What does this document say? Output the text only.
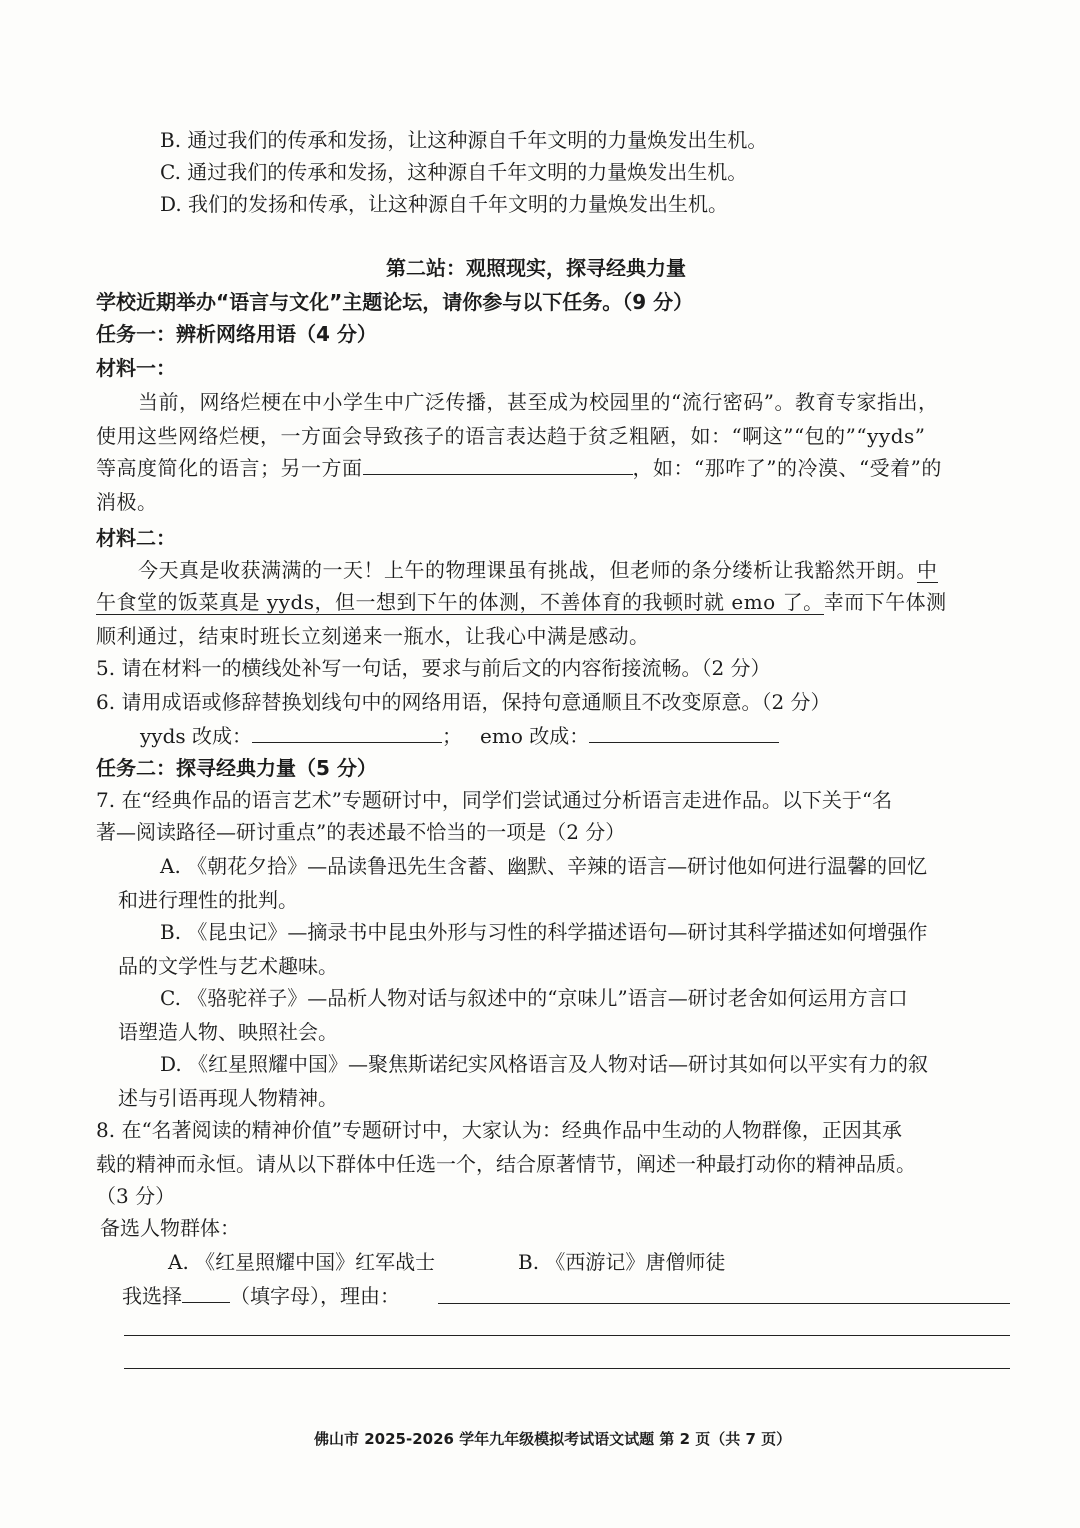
B. 通过我们的传承和发扬，让这种源自千年文明的力量焕发出生机。
C. 通过我们的传承和发扬，这种源自千年文明的力量焕发出生机。
D. 我们的发扬和传承，让这种源自千年文明的力量焕发出生机。
第二站：观照现实，探寻经典力量
学校近期举办“语言与文化”主题论坛，请你参与以下任务。（9 分）
任务一：辨析网络用语（4 分）
材料一：
当前，网络烂梗在中小学生中广泛传播，甚至成为校园里的“流行密码”。教育专家指出，
使用这些网络烂梗，一方面会导致孩子的语言表达趋于贫乏粗陋，如：“啊这”“包的”“yyds”
等高度简化的语言；另一方面	，如：“那咋了”的冷漠、“受着”的
消极。
材料二：
今天真是收获满满的一天！上午的物理课虽有挑战，但老师的条分缕析让我豁然开朗。中
午食堂的饭菜真是 yyds，但一想到下午的体测，不善体育的我顿时就 emo 了。幸而下午体测
顺利通过，结束时班长立刻递来一瓶水，让我心中满是感动。
5. 请在材料一的横线处补写一句话，要求与前后文的内容衔接流畅。（2 分）
6. 请用成语或修辞替换划线句中的网络用语，保持句意通顺且不改变原意。（2 分）
yyds 改成：	； emo 改成：
任务二：探寻经典力量（5 分）
7. 在“经典作品的语言艺术”专题研讨中，同学们尝试通过分析语言走进作品。以下关于“名
著—阅读路径—研讨重点”的表述最不恰当的一项是（2 分）
A. 《朝花夕拾》—品读鲁迅先生含蓄、幽默、辛辣的语言—研讨他如何进行温馨的回忆
和进行理性的批判。
B. 《昆虫记》—摘录书中昆虫外形与习性的科学描述语句—研讨其科学描述如何增强作
品的文学性与艺术趣味。
C. 《骆驼祥子》—品析人物对话与叙述中的“京味儿”语言—研讨老舍如何运用方言口
语塑造人物、映照社会。
D. 《红星照耀中国》—聚焦斯诺纪实风格语言及人物对话—研讨其如何以平实有力的叙
述与引语再现人物精神。
8. 在“名著阅读的精神价值”专题研讨中，大家认为：经典作品中生动的人物群像，正因其承
载的精神而永恒。请从以下群体中任选一个，结合原著情节，阐述一种最打动你的精神品质。
（3 分）
备选人物群体：
A. 《红星照耀中国》红军战士	B. 《西游记》唐僧师徒
我选择 （填字母），理由：
佛山市 2025-2026 学年九年级模拟考试语文试题 第 2 页（共 7 页）
